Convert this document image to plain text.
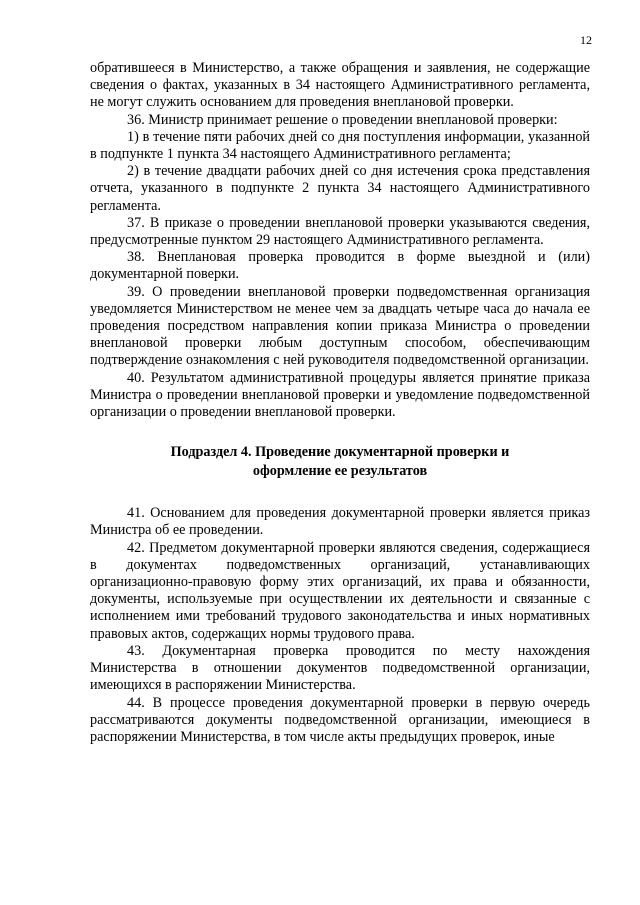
12

обратившееся в Министерство, а также обращения и заявления, не содержащие сведения о фактах, указанных в 34 настоящего Административного регламента, не могут служить основанием для проведения внеплановой проверки.

36. Министр принимает решение о проведении внеплановой проверки:

1) в течение пяти рабочих дней со дня поступления информации, указанной в подпункте 1 пункта 34 настоящего Административного регламента;

2) в течение двадцати рабочих дней со дня истечения срока представления отчета, указанного в подпункте 2 пункта 34 настоящего Административного регламента.

37. В приказе о проведении внеплановой проверки указываются сведения, предусмотренные пунктом 29 настоящего Административного регламента.

38. Внеплановая проверка проводится в форме выездной и (или) документарной поверки.

39. О проведении внеплановой проверки подведомственная организация уведомляется Министерством не менее чем за двадцать четыре часа до начала ее проведения посредством направления копии приказа Министра о проведении внеплановой проверки любым доступным способом, обеспечивающим подтверждение ознакомления с ней руководителя подведомственной организации.

40. Результатом административной процедуры является принятие приказа Министра о проведении внеплановой проверки и уведомление подведомственной организации о проведении внеплановой проверки.

Подраздел 4. Проведение документарной проверки и
оформление ее результатов

41. Основанием для проведения документарной проверки является приказ Министра об ее проведении.

42. Предметом документарной проверки являются сведения, содержащиеся в документах подведомственных организаций, устанавливающих организационно-правовую форму этих организаций, их права и обязанности, документы, используемые при осуществлении их деятельности и связанные с исполнением ими требований трудового законодательства и иных нормативных правовых актов, содержащих нормы трудового права.

43. Документарная проверка проводится по месту нахождения Министерства в отношении документов подведомственной организации, имеющихся в распоряжении Министерства.

44. В процессе проведения документарной проверки в первую очередь рассматриваются документы подведомственной организации, имеющиеся в распоряжении Министерства, в том числе акты предыдущих проверок, иные
